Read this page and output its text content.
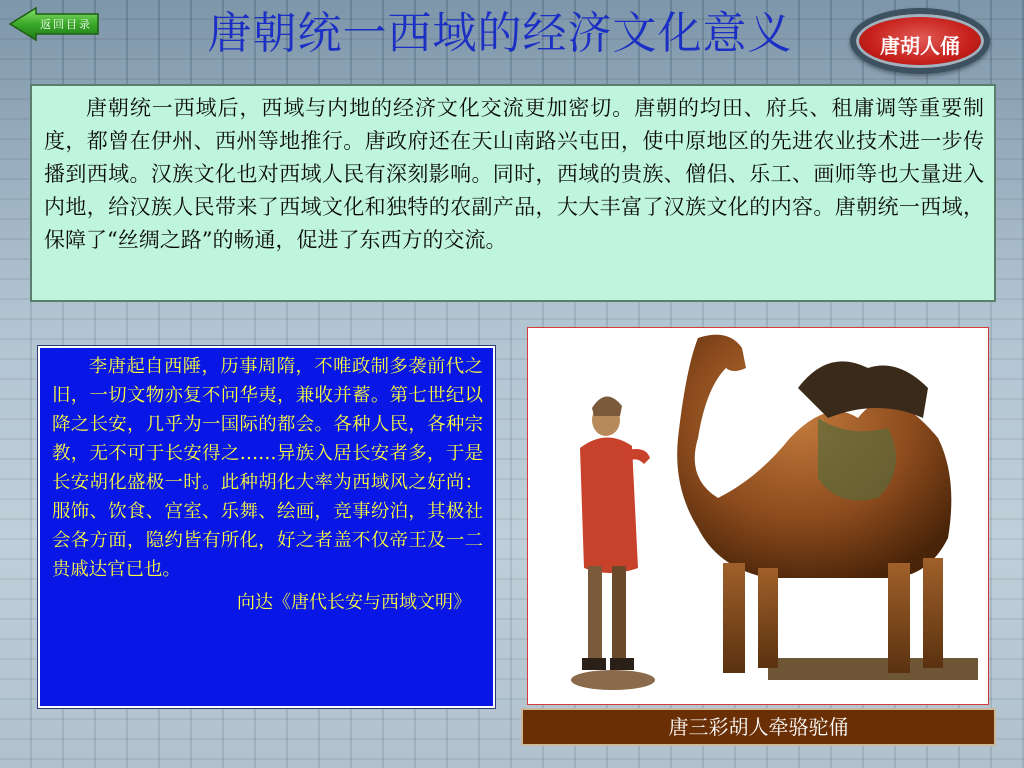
返回目录	唐朝统一西域的经济文化意义	唐胡人俑
唐朝统一西域后，西域与内地的经济文化交流更加密切。唐朝的均田、府兵、租庸调等重要制度，都曾在伊州、西州等地推行。唐政府还在天山南路兴屯田，使中原地区的先进农业技术进一步传播到西域。汉族文化也对西域人民有深刻影响。同时，西域的贵族、僧侣、乐工、画师等也大量进入内地，给汉族人民带来了西域文化和独特的农副产品，大大丰富了汉族文化的内容。唐朝统一西域，保障了“丝绸之路”的畅通，促进了东西方的交流。
李唐起自西陲，历事周隋，不唯政制多袭前代之旧，一切文物亦复不问华夷，兼收并蓄。第七世纪以降之长安，几乎为一国际的都会。各种人民，各种宗教，无不可于长安得之……异族入居长安者多，于是长安胡化盛极一时。此种胡化大率为西域风之好尚：服饰、饮食、宫室、乐舞、绘画，竞事纷泊，其极社会各方面，隐约皆有所化，好之者盖不仅帝王及一二贵戚达官已也。
向达《唐代长安与西域文明》
唐三彩胡人牵骆驼俑
